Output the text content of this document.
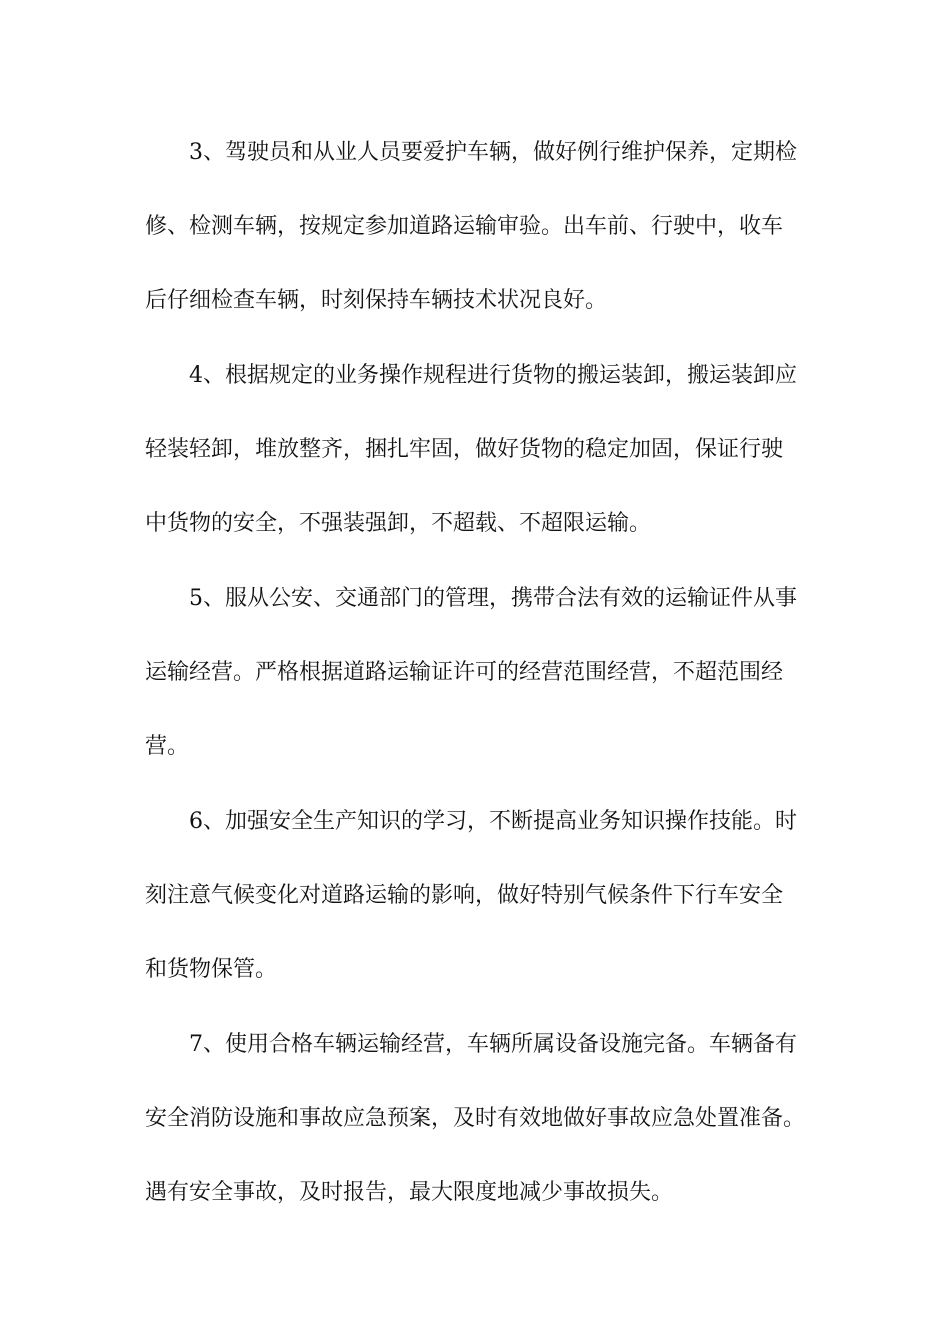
3、驾驶员和从业人员要爱护车辆，做好例行维护保养，定期检

修、检测车辆，按规定参加道路运输审验。出车前、行驶中，收车

后仔细检查车辆，时刻保持车辆技术状况良好。

4、根据规定的业务操作规程进行货物的搬运装卸，搬运装卸应

轻装轻卸，堆放整齐，捆扎牢固，做好货物的稳定加固，保证行驶

中货物的安全，不强装强卸，不超载、不超限运输。

5、服从公安、交通部门的管理，携带合法有效的运输证件从事

运输经营。严格根据道路运输证许可的经营范围经营，不超范围经

营。

6、加强安全生产知识的学习，不断提高业务知识操作技能。时

刻注意气候变化对道路运输的影响，做好特别气候条件下行车安全

和货物保管。

7、使用合格车辆运输经营，车辆所属设备设施完备。车辆备有

安全消防设施和事故应急预案，及时有效地做好事故应急处置准备。

遇有安全事故，及时报告，最大限度地减少事故损失。
